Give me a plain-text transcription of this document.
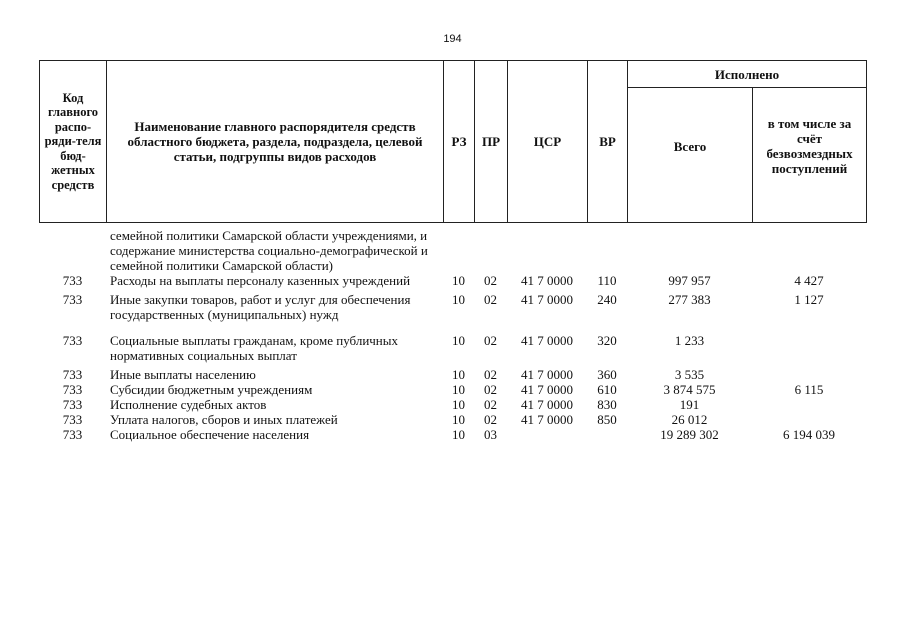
194
Код главного распо-ряди-теля бюд-жетных средств	Наименование главного распорядителя средств областного бюджета, раздела, подраздела, целевой статьи, подгруппы видов расходов	РЗ	ПР	ЦСР	ВР	Исполнено	
						Всего	в том числе за счёт безвозмездных поступлений
	семейной политики Самарской области учреждениями, и содержание министерства социально-демографической и семейной политики Самарской области)						
733	Расходы на выплаты персоналу казенных учреждений	10	02	41 7 0000	110	997 957	4 427
733	Иные закупки товаров, работ и услуг для обеспечения государственных (муниципальных) нужд	10	02	41 7 0000	240	277 383	1 127
733	Социальные выплаты гражданам, кроме публичных нормативных социальных выплат	10	02	41 7 0000	320	1 233	
733	Иные выплаты населению	10	02	41 7 0000	360	3 535	
733	Субсидии бюджетным учреждениям	10	02	41 7 0000	610	3 874 575	6 115
733	Исполнение судебных актов	10	02	41 7 0000	830	191	
733	Уплата налогов, сборов и иных платежей	10	02	41 7 0000	850	26 012	
733	Социальное обеспечение населения	10	03			19 289 302	6 194 039
